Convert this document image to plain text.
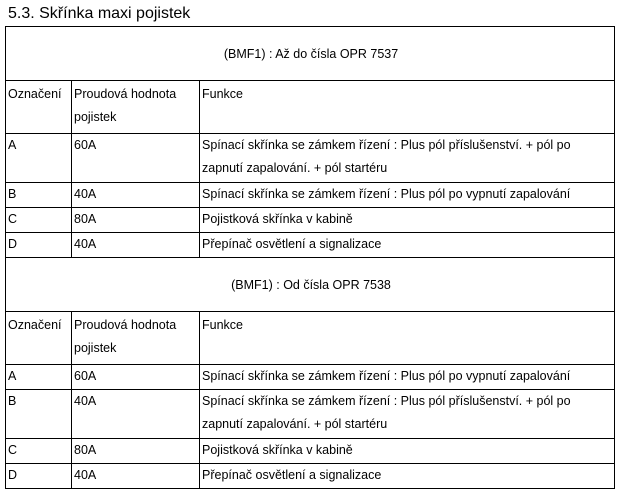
5.3. Skřínka maxi pojistek
(BMF1) : Až do čísla OPR 7537		
Označení	Proudová hodnota pojistek	Funkce
A	60A	Spínací skřínka se zámkem řízení : Plus pól příslušenství. + pól po zapnutí zapalování. + pól startéru
B	40A	Spínací skřínka se zámkem řízení : Plus pól po vypnutí zapalování
C	80A	Pojistková skřínka v kabině
D	40A	Přepínač osvětlení a signalizace
(BMF1) : Od čísla OPR 7538		
Označení	Proudová hodnota pojistek	Funkce
A	60A	Spínací skřínka se zámkem řízení : Plus pól po vypnutí zapalování
B	40A	Spínací skřínka se zámkem řízení : Plus pól příslušenství. + pól po zapnutí zapalování. + pól startéru
C	80A	Pojistková skřínka v kabině
D	40A	Přepínač osvětlení a signalizace
